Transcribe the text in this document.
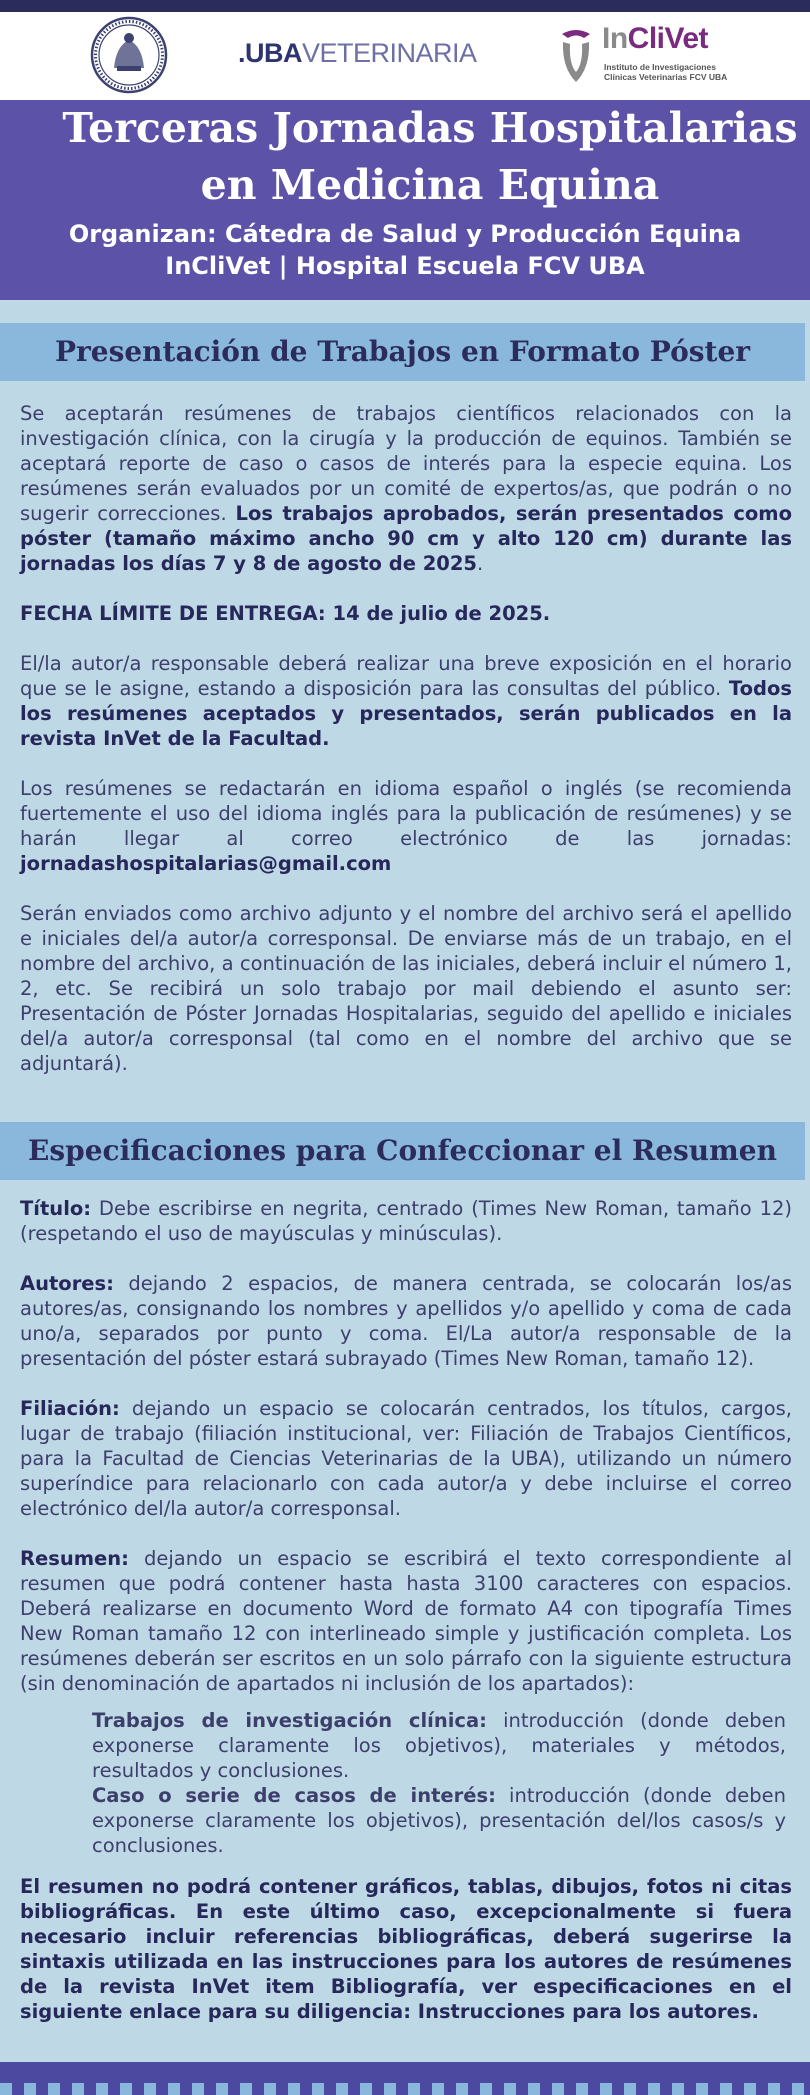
.UBAVETERINARIA	InCliVet
Instituto de Investigaciones
Clínicas Veterinarias FCV UBA
Terceras Jornadas Hospitalarias
en Medicina Equina
Organizan: Cátedra de Salud y Producción Equina
InCliVet | Hospital Escuela FCV UBA
Presentación de Trabajos en Formato Póster

Se aceptarán resúmenes de trabajos científicos relacionados con la investigación clínica, con la cirugía y la producción de equinos. También se aceptará reporte de caso o casos de interés para la especie equina. Los resúmenes serán evaluados por un comité de expertos/as, que podrán o no sugerir correcciones. Los trabajos aprobados, serán presentados como póster (tamaño máximo ancho 90 cm y alto 120 cm) durante las jornadas los días 7 y 8 de agosto de 2025.

FECHA LÍMITE DE ENTREGA: 14 de julio de 2025.

El/la autor/a responsable deberá realizar una breve exposición en el horario que se le asigne, estando a disposición para las consultas del público. Todos los resúmenes aceptados y presentados, serán publicados en la revista InVet de la Facultad.

Los resúmenes se redactarán en idioma español o inglés (se recomienda fuertemente el uso del idioma inglés para la publicación de resúmenes) y se harán llegar al correo electrónico de las jornadas: jornadashospitalarias@gmail.com

Serán enviados como archivo adjunto y el nombre del archivo será el apellido e iniciales del/a autor/a corresponsal. De enviarse más de un trabajo, en el nombre del archivo, a continuación de las iniciales, deberá incluir el número 1, 2, etc. Se recibirá un solo trabajo por mail debiendo el asunto ser: Presentación de Póster Jornadas Hospitalarias, seguido del apellido e iniciales del/a autor/a corresponsal (tal como en el nombre del archivo que se adjuntará).

Especificaciones para Confeccionar el Resumen

Título: Debe escribirse en negrita, centrado (Times New Roman, tamaño 12) (respetando el uso de mayúsculas y minúsculas).

Autores: dejando 2 espacios, de manera centrada, se colocarán los/as autores/as, consignando los nombres y apellidos y/o apellido y coma de cada uno/a, separados por punto y coma. El/La autor/a responsable de la presentación del póster estará subrayado (Times New Roman, tamaño 12).

Filiación: dejando un espacio se colocarán centrados, los títulos, cargos, lugar de trabajo (filiación institucional, ver: Filiación de Trabajos Científicos, para la Facultad de Ciencias Veterinarias de la UBA), utilizando un número superíndice para relacionarlo con cada autor/a y debe incluirse el correo electrónico del/la autor/a corresponsal.

Resumen: dejando un espacio se escribirá el texto correspondiente al resumen que podrá contener hasta hasta 3100 caracteres con espacios. Deberá realizarse en documento Word de formato A4 con tipografía Times New Roman tamaño 12 con interlineado simple y justificación completa. Los resúmenes deberán ser escritos en un solo párrafo con la siguiente estructura (sin denominación de apartados ni inclusión de los apartados):

Trabajos de investigación clínica: introducción (donde deben exponerse claramente los objetivos), materiales y métodos, resultados y conclusiones.

Caso o serie de casos de interés: introducción (donde deben exponerse claramente los objetivos), presentación del/los casos/s y conclusiones.

El resumen no podrá contener gráficos, tablas, dibujos, fotos ni citas bibliográficas. En este último caso, excepcionalmente si fuera necesario incluir referencias bibliográficas, deberá sugerirse la sintaxis utilizada en las instrucciones para los autores de resúmenes de la revista InVet item Bibliografía, ver especificaciones en el siguiente enlace para su diligencia: Instrucciones para los autores.
